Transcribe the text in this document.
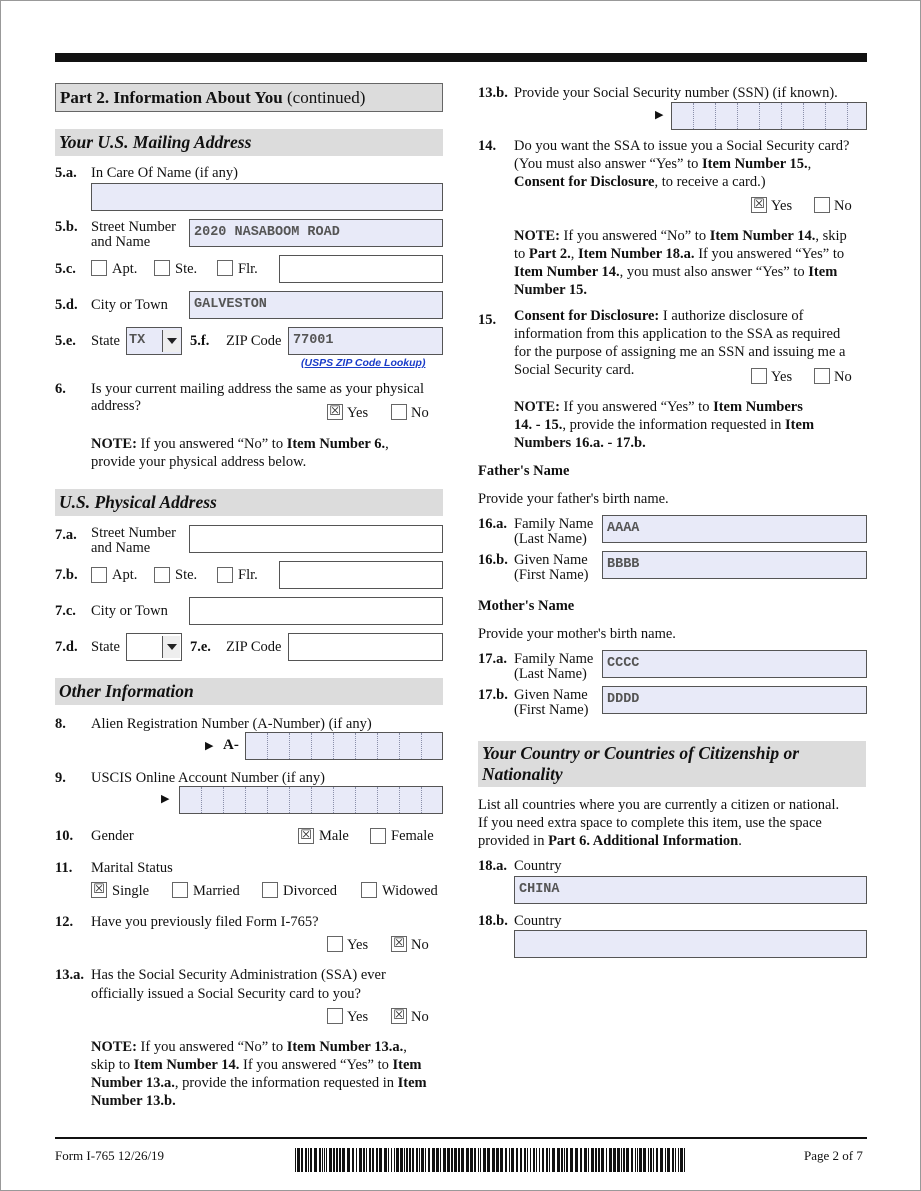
Part 2. Information About You (continued)
Your U.S. Mailing Address
5.a. In Care Of Name (if any)
5.b. Street Number
and Name
2020 NASABOOM ROAD
5.c. Apt.	Ste.	Flr.
5.d. City or Town	GALVESTON
5.e. State TX	5.f. ZIP Code 77001
(USPS ZIP Code Lookup)
6. Is your current mailing address the same as your physical
address?	☒ Yes	No
NOTE: If you answered “No” to Item Number 6.,
provide your physical address below.
U.S. Physical Address
7.a. Street Number
and Name
7.b. Apt.	Ste.	Flr.
7.c. City or Town
7.d. State	7.e. ZIP Code
Other Information
8. Alien Registration Number (A-Number) (if any)
▶ A-
9. USCIS Online Account Number (if any)
▶
10. Gender	☒ Male	Female
11. Marital Status
☒ Single	Married	Divorced	Widowed
12. Have you previously filed Form I-765?
Yes ☒ No
13.a. Has the Social Security Administration (SSA) ever
officially issued a Social Security card to you?
Yes ☒ No
NOTE: If you answered “No” to Item Number 13.a.,
skip to Item Number 14. If you answered “Yes” to Item
Number 13.a., provide the information requested in Item
Number 13.b.
13.b. Provide your Social Security number (SSN) (if known).
▶
14. Do you want the SSA to issue you a Social Security card?
(You must also answer “Yes” to Item Number 15.,
Consent for Disclosure, to receive a card.)
☒ Yes	No
NOTE: If you answered “No” to Item Number 14., skip
to Part 2., Item Number 18.a. If you answered “Yes” to
Item Number 14., you must also answer “Yes” to Item
Number 15.
15. Consent for Disclosure: I authorize disclosure of
information from this application to the SSA as required
for the purpose of assigning me an SSN and issuing me a
Social Security card.	Yes	No
NOTE: If you answered “Yes” to Item Numbers
14. - 15., provide the information requested in Item
Numbers 16.a. - 17.b.
Father's Name
Provide your father's birth name.
16.a. Family Name
(Last Name)
AAAA
16.b. Given Name
(First Name)
BBBB
Mother's Name
Provide your mother's birth name.
17.a. Family Name
(Last Name)
CCCC
17.b. Given Name
(First Name)
DDDD
Your Country or Countries of Citizenship or
Nationality
List all countries where you are currently a citizen or national.
If you need extra space to complete this item, use the space
provided in Part 6. Additional Information.
18.a. Country
CHINA
18.b. Country
Form I-765 12/26/19	Page 2 of 7
